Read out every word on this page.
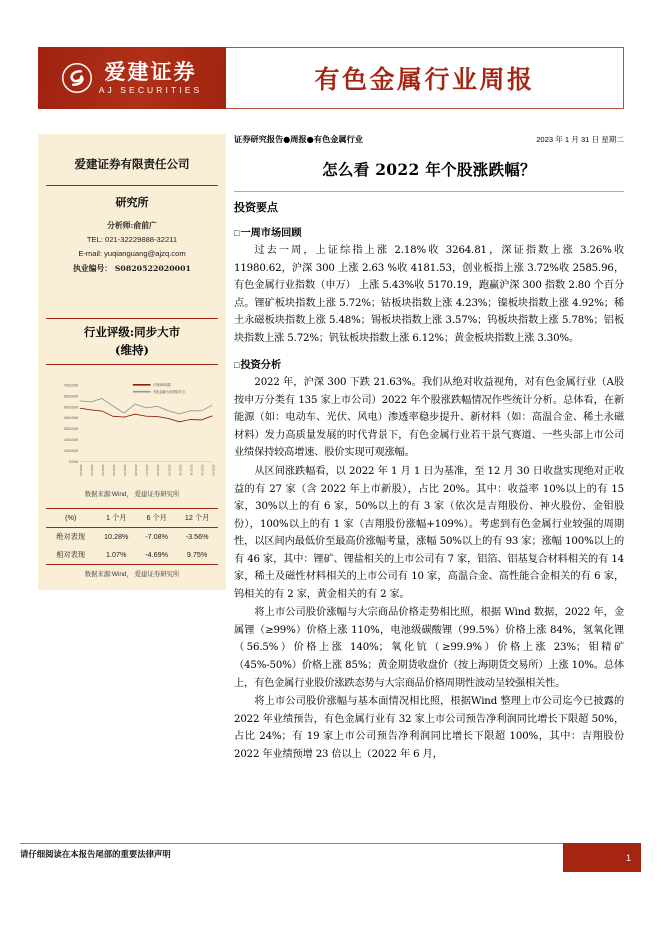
爱建证券
AJ SECURITIES	有色金属行业周报
爱建证券有限责任公司
研究所
分析师:俞前广
TEL: 021-32229888-32211
E-mail: yuqianguang@ajzq.com
执业编号： S0820522020001
行业评级:同步大市
(维持)
0.0000
1000.0000
2000.0000
3000.0000
4000.0000
5000.0000
6000.0000
7000.0000
2022-01 2022-02 2022-03 2022-04 2022-05 2022-06 2022-07 2022-08 2022-09 2022-10 2022-11 2022-12 2023-01
沪深300指数
有色金属行业指数(申万)
数据来源:Wind， 爱建证券研究所
(%)	1 个月	6 个月	12 个月
绝对表现	10.28%	-7.08%	-3.56%
相对表现	1.07%	-4.69%	9.75%
数据来源:Wind， 爱建证券研究所
证券研究报告●周报●有色金属行业	2023 年 1 月 31 日 星期二
怎么看 2022 年个股涨跌幅？
投资要点
□一周市场回顾

过去一周，上证综指上涨 2.18%收 3264.81，深证指数上涨 3.26%收 11980.62，沪深 300 上涨 2.63 %收 4181.53，创业板指上涨 3.72%收 2585.96，有色金属行业指数（申万） 上涨 5.43%收 5170.19，跑赢沪深 300 指数 2.80 个百分点。锂矿板块指数上涨 5.72%；钴板块指数上涨 4.23%；镍板块指数上涨 4.92%；稀土永磁板块指数上涨 5.48%；锡板块指数上涨 3.57%；钨板块指数上涨 5.78%；铝板块指数上涨 5.72%；钒钛板块指数上涨 6.12%；黄金板块指数上涨 3.30%。

□投资分析

2022 年，沪深 300 下跌 21.63%。我们从绝对收益视角，对有色金属行业（A股按申万分类有 135 家上市公司）2022 年个股涨跌幅情况作些统计分析。总体看，在新能源（如：电动车、光伏、风电）渗透率稳步提升、新材料（如：高温合金、稀土永磁材料）发力高质量发展的时代背景下，有色金属行业若干景气赛道、一些头部上市公司业绩保持较高增速、股价实现可观涨幅。

从区间涨跌幅看，以 2022 年 1 月 1 日为基准，至 12 月 30 日收盘实现绝对正收益的有 27 家（含 2022 年上市新股），占比 20%。其中：收益率 10%以上的有 15 家，30%以上的有 6 家，50%以上的有 3 家（依次是吉翔股份、神火股份、金钼股份），100%以上的有 1 家（吉翔股份涨幅+109%）。考虑到有色金属行业较强的周期性，以区间内最低价至最高价涨幅考量，涨幅 50%以上的有 93 家；涨幅 100%以上的有 46 家，其中：锂矿、锂盐相关的上市公司有 7 家，铝箔、铝基复合材料相关的有 14 家，稀土及磁性材料相关的上市公司有 10 家，高温合金、高性能合金相关的有 6 家，钨相关的有 2 家，黄金相关的有 2 家。

将上市公司股价涨幅与大宗商品价格走势相比照，根据 Wind 数据，2022 年，金属锂（≥99%）价格上涨 110%，电池级碳酸锂（99.5%）价格上涨 84%，氢氧化锂（56.5%）价格上涨 140%；氧化钪（≥99.9%）价格上涨 23%；钼精矿（45%-50%）价格上涨 85%；黄金期货收盘价（按上海期货交易所）上涨 10%。总体上，有色金属行业股价涨跌态势与大宗商品价格周期性波动呈较强相关性。

将上市公司股价涨幅与基本面情况相比照，根据Wind 整理上市公司迄今已披露的 2022 年业绩预告，有色金属行业有 32 家上市公司预告净利润同比增长下限超 50%，占比 24%；有 19 家上市公司预告净利润同比增长下限超 100%，其中：吉翔股份 2022 年业绩预增 23 倍以上（2022 年 6 月，

请仔细阅读在本报告尾部的重要法律声明	1
